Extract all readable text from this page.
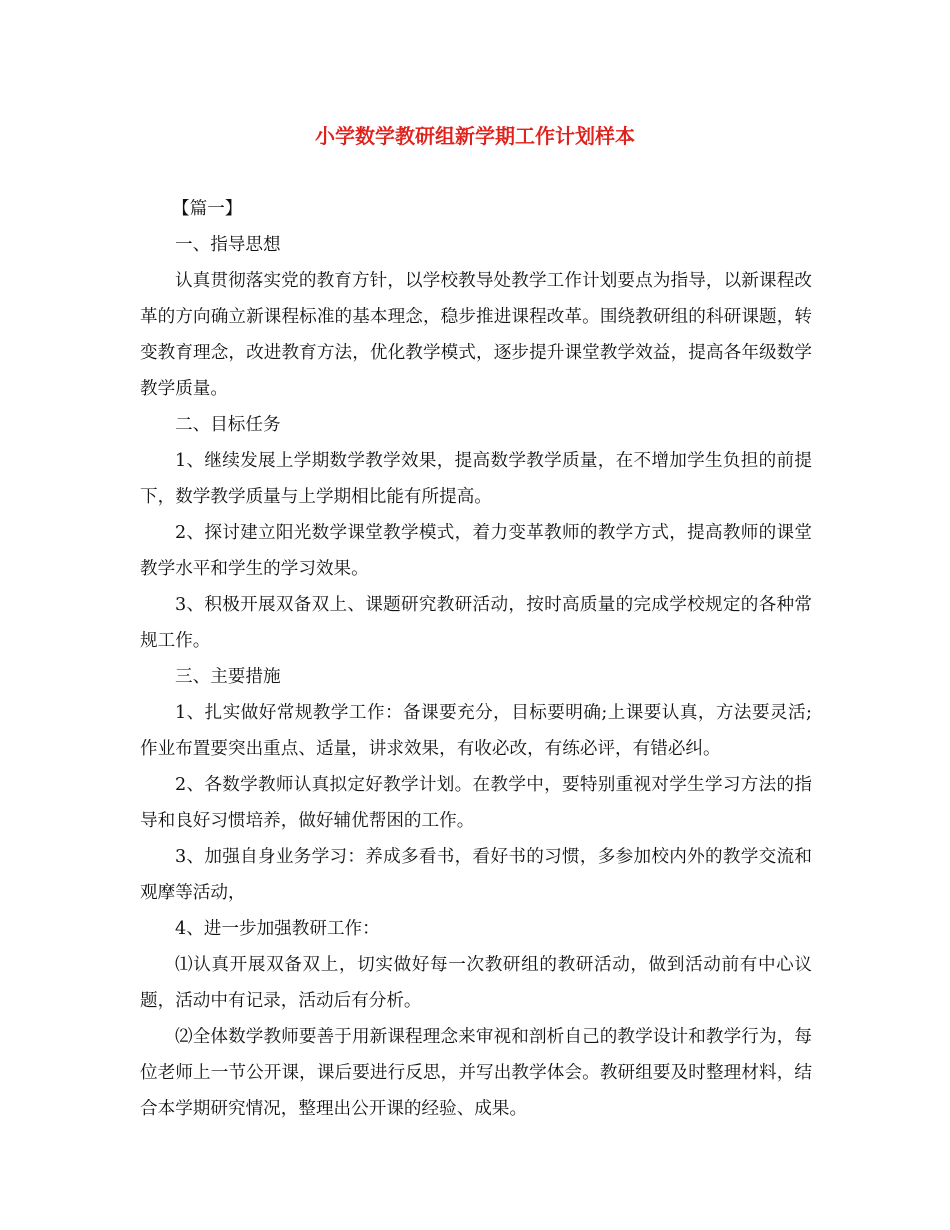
小学数学教研组新学期工作计划样本

【篇一】

一、指导思想

认真贯彻落实党的教育方针，以学校教导处教学工作计划要点为指导，以新课程改革的方向确立新课程标准的基本理念，稳步推进课程改革。围绕教研组的科研课题，转变教育理念，改进教育方法，优化教学模式，逐步提升课堂教学效益，提高各年级数学教学质量。

二、目标任务

1、继续发展上学期数学教学效果，提高数学教学质量，在不增加学生负担的前提下，数学教学质量与上学期相比能有所提高。

2、探讨建立阳光数学课堂教学模式，着力变革教师的教学方式，提高教师的课堂教学水平和学生的学习效果。

3、积极开展双备双上、课题研究教研活动，按时高质量的完成学校规定的各种常规工作。

三、主要措施

1、扎实做好常规教学工作：备课要充分，目标要明确;上课要认真，方法要灵活;作业布置要突出重点、适量，讲求效果，有收必改，有练必评，有错必纠。

2、各数学教师认真拟定好教学计划。在教学中，要特别重视对学生学习方法的指导和良好习惯培养，做好辅优帮困的工作。

3、加强自身业务学习：养成多看书，看好书的习惯，多参加校内外的教学交流和观摩等活动，

4、进一步加强教研工作：

⑴认真开展双备双上，切实做好每一次教研组的教研活动，做到活动前有中心议题，活动中有记录，活动后有分析。

⑵全体数学教师要善于用新课程理念来审视和剖析自己的教学设计和教学行为，每位老师上一节公开课，课后要进行反思，并写出教学体会。教研组要及时整理材料，结合本学期研究情况，整理出公开课的经验、成果。
